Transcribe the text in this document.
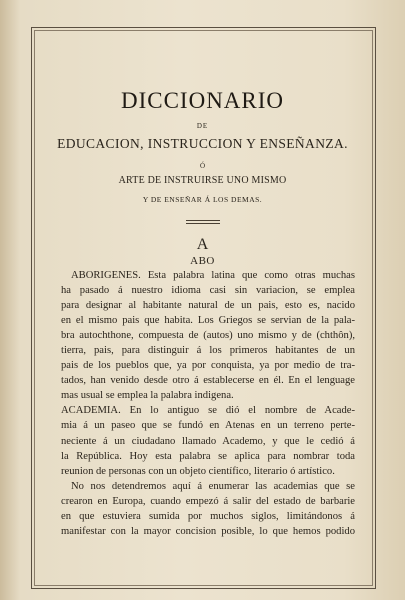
DICCIONARIO
DE
EDUCACION, INSTRUCCION Y ENSEÑANZA.
Ó
ARTE DE INSTRUIRSE UNO MISMO
Y DE ENSEÑAR Á LOS DEMAS.
A
ABO
ABORIGENES. Esta palabra latina que como otras muchas
ha pasado á nuestro idioma casi sin variacion, se emplea
para designar al habitante natural de un pais, esto es, nacido
en el mismo pais que habita. Los Griegos se servian de la pala-
bra autochthone, compuesta de (autos) uno mismo y de (chthôn),
tierra, pais, para distinguir á los primeros habitantes de un
pais de los pueblos que, ya por conquista, ya por medio de tra-
tados, han venido desde otro á establecerse en él. En el lenguage
mas usual se emplea la palabra indigena.
ACADEMIA. En lo antiguo se dió el nombre de Acade-
mia á un paseo que se fundó en Atenas en un terreno perte-
neciente á un ciudadano llamado Academo, y que le cedió á
la República. Hoy esta palabra se aplica para nombrar toda
reunion de personas con un objeto científico, literario ó artístico.
No nos detendremos aquí á enumerar las academias que se
crearon en Europa, cuando empezó á salir del estado de barbarie
en que estuviera sumida por muchos siglos, limitándonos á
manifestar con la mayor concision posible, lo que hemos podido
